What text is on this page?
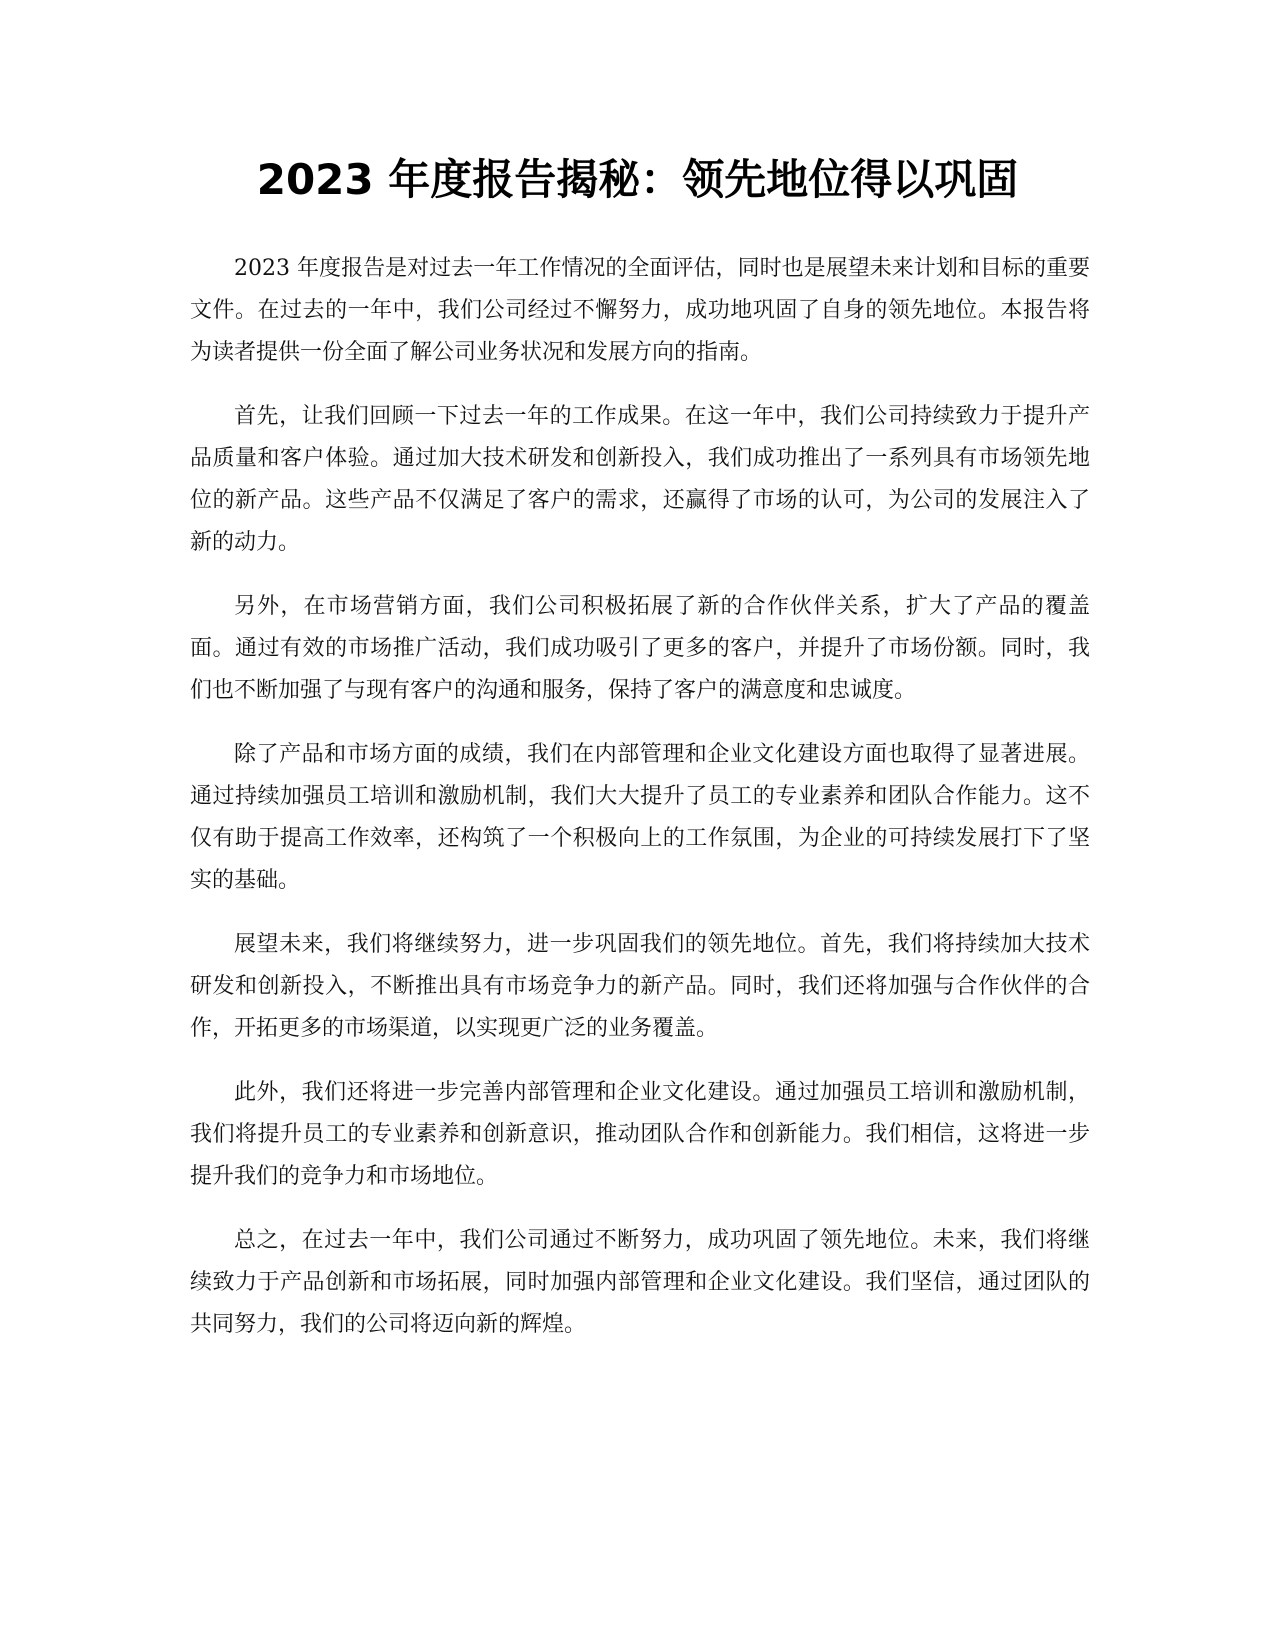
2023 年度报告揭秘：领先地位得以巩固

2023 年度报告是对过去一年工作情况的全面评估，同时也是展望未来计划和目标的重要文件。在过去的一年中，我们公司经过不懈努力，成功地巩固了自身的领先地位。本报告将为读者提供一份全面了解公司业务状况和发展方向的指南。

首先，让我们回顾一下过去一年的工作成果。在这一年中，我们公司持续致力于提升产品质量和客户体验。通过加大技术研发和创新投入，我们成功推出了一系列具有市场领先地位的新产品。这些产品不仅满足了客户的需求，还赢得了市场的认可，为公司的发展注入了新的动力。

另外，在市场营销方面，我们公司积极拓展了新的合作伙伴关系，扩大了产品的覆盖面。通过有效的市场推广活动，我们成功吸引了更多的客户，并提升了市场份额。同时，我们也不断加强了与现有客户的沟通和服务，保持了客户的满意度和忠诚度。

除了产品和市场方面的成绩，我们在内部管理和企业文化建设方面也取得了显著进展。通过持续加强员工培训和激励机制，我们大大提升了员工的专业素养和团队合作能力。这不仅有助于提高工作效率，还构筑了一个积极向上的工作氛围，为企业的可持续发展打下了坚实的基础。

展望未来，我们将继续努力，进一步巩固我们的领先地位。首先，我们将持续加大技术研发和创新投入，不断推出具有市场竞争力的新产品。同时，我们还将加强与合作伙伴的合作，开拓更多的市场渠道，以实现更广泛的业务覆盖。

此外，我们还将进一步完善内部管理和企业文化建设。通过加强员工培训和激励机制，我们将提升员工的专业素养和创新意识，推动团队合作和创新能力。我们相信，这将进一步提升我们的竞争力和市场地位。

总之，在过去一年中，我们公司通过不断努力，成功巩固了领先地位。未来，我们将继续致力于产品创新和市场拓展，同时加强内部管理和企业文化建设。我们坚信，通过团队的共同努力，我们的公司将迈向新的辉煌。
